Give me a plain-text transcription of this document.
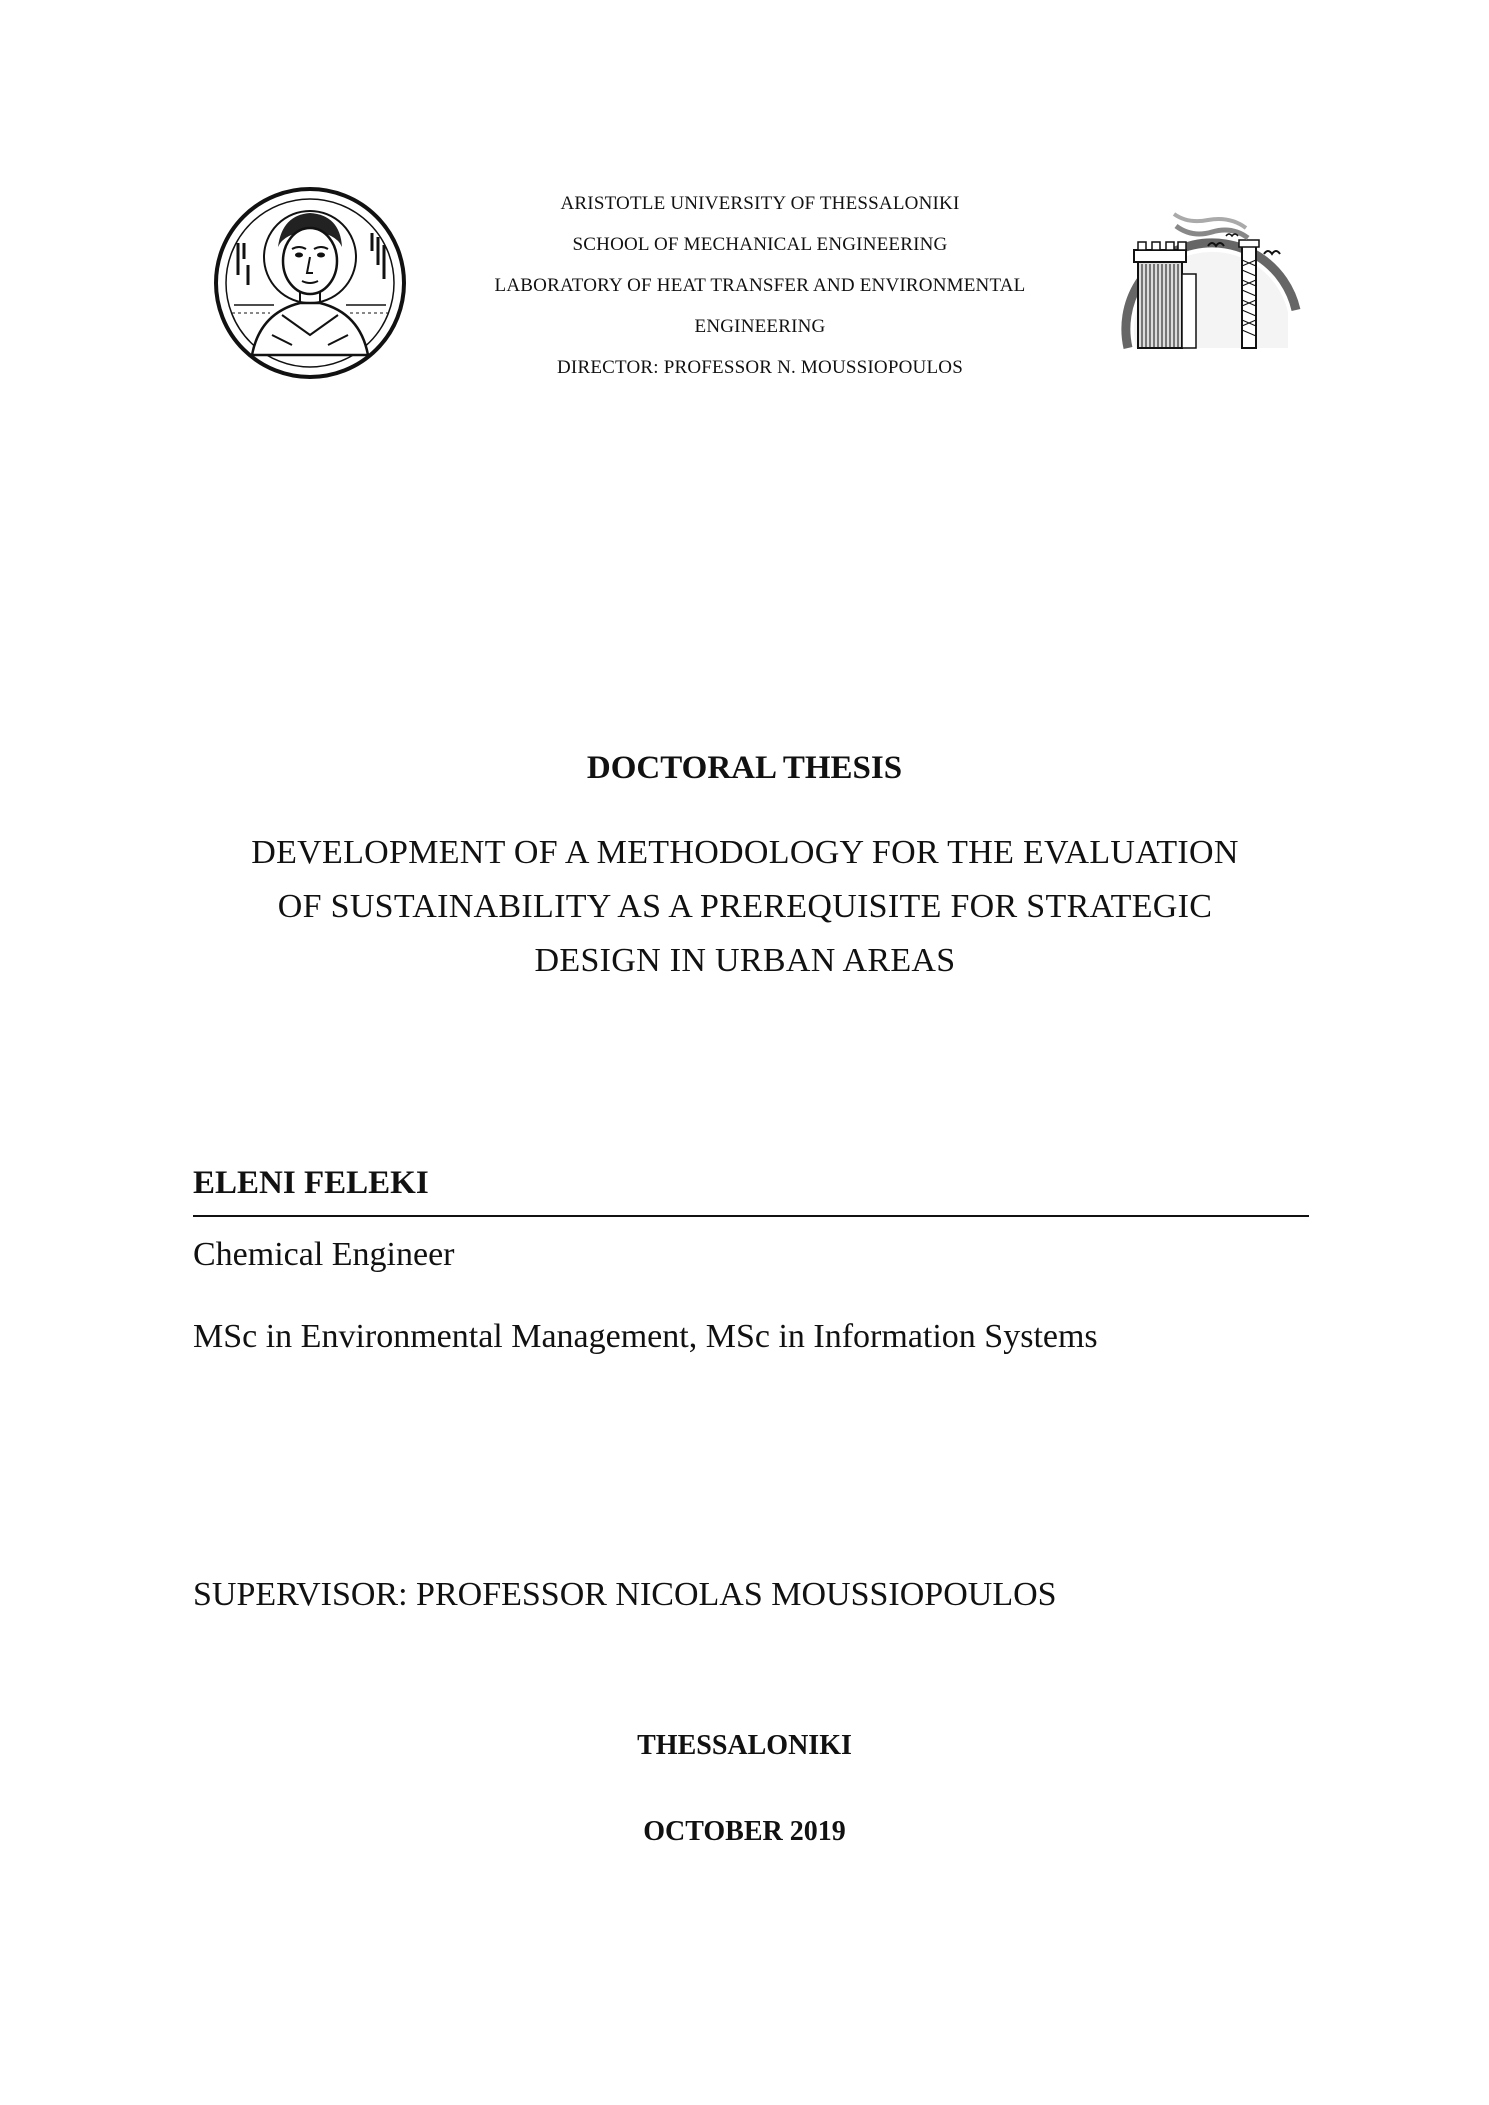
ARISTOTLE UNIVERSITY OF THESSALONIKI
SCHOOL OF MECHANICAL ENGINEERING
LABORATORY OF HEAT TRANSFER AND ENVIRONMENTAL
ENGINEERING
DIRECTOR: PROFESSOR N. MOUSSIOPOULOS
DOCTORAL THESIS
DEVELOPMENT OF A METHODOLOGY FOR THE EVALUATION
OF SUSTAINABILITY AS A PREREQUISITE FOR STRATEGIC
DESIGN IN URBAN AREAS
ELENI FELEKI
Chemical Engineer
MSc in Environmental Management, MSc in Information Systems
SUPERVISOR: PROFESSOR NICOLAS MOUSSIOPOULOS
THESSALONIKI
OCTOBER 2019
